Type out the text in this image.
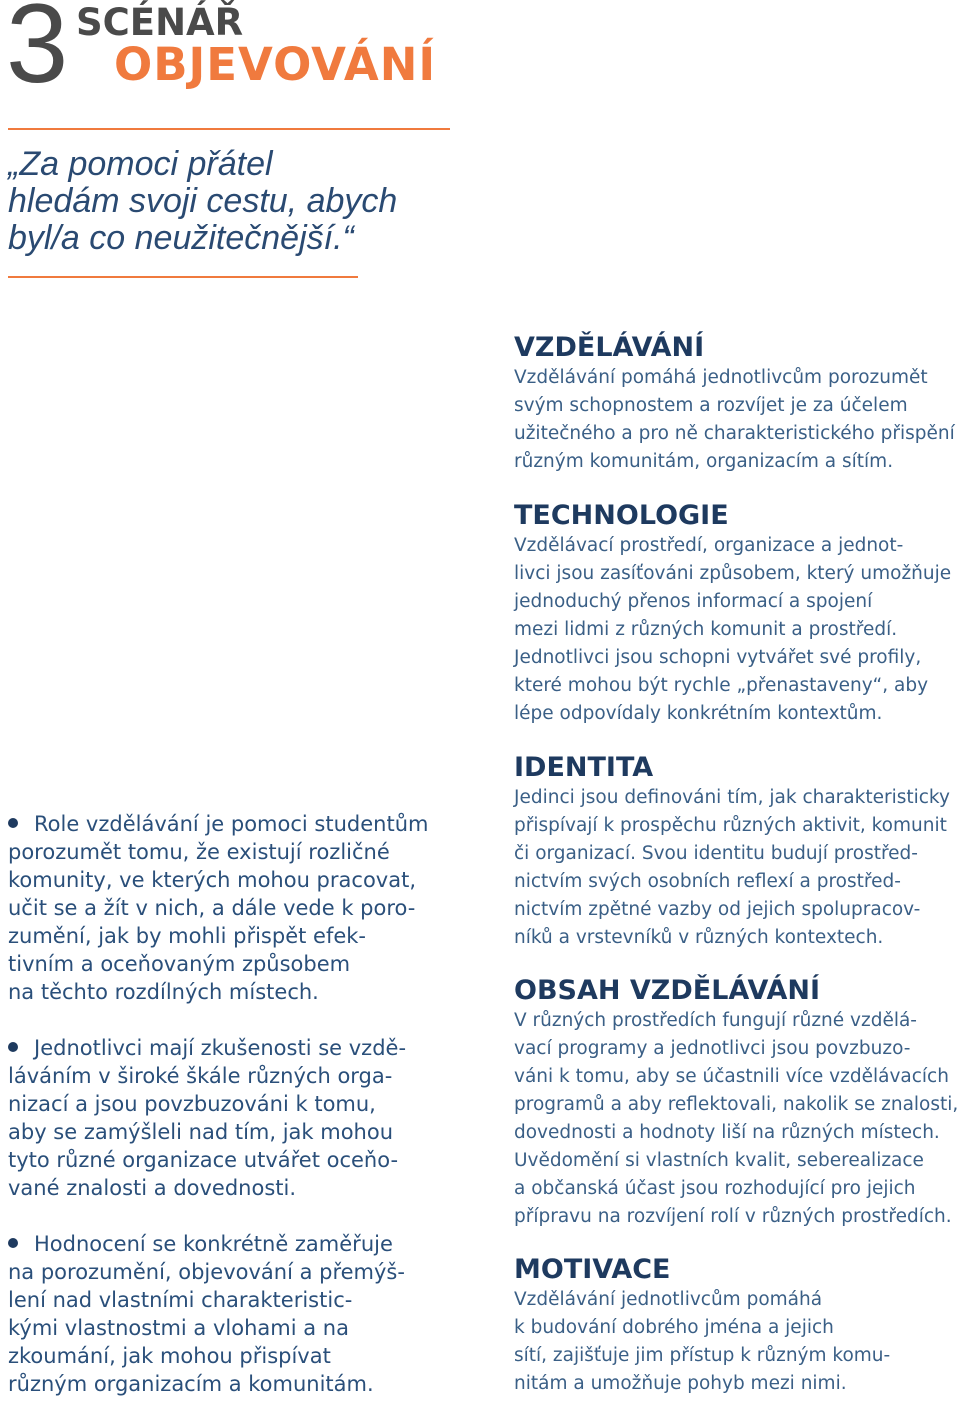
3 SCÉNÁŘ
OBJEVOVÁNÍ
„Za pomoci přátel
hledám svoji cestu, abych
byl/a co neužitečnější.“
Role vzdělávání je pomoci studentům
porozumět tomu, že existují rozličné
komunity, ve kterých mohou pracovat,
učit se a žít v nich, a dále vede k poro-
zumění, jak by mohli přispět efek-
tivním a oceňovaným způsobem
na těchto rozdílných místech.
Jednotlivci mají zkušenosti se vzdě-
láváním v široké škále různých orga-
nizací a jsou povzbuzováni k tomu,
aby se zamýšleli nad tím, jak mohou
tyto různé organizace utvářet oceňo-
vané znalosti a dovednosti.
Hodnocení se konkrétně zaměřuje
na porozumění, objevování a přemýš-
lení nad vlastními charakteristic-
kými vlastnostmi a vlohami a na
zkoumání, jak mohou přispívat
různým organizacím a komunitám.
VZDĚLÁVÁNÍ
Vzdělávání pomáhá jednotlivcům porozumět
svým schopnostem a rozvíjet je za účelem
užitečného a pro ně charakteristického přispění
různým komunitám, organizacím a sítím.
TECHNOLOGIE
Vzdělávací prostředí, organizace a jednot-
livci jsou zasíťováni způsobem, který umožňuje
jednoduchý přenos informací a spojení
mezi lidmi z různých komunit a prostředí.
Jednotlivci jsou schopni vytvářet své profily,
které mohou být rychle „přenastaveny“, aby
lépe odpovídaly konkrétním kontextům.
IDENTITA
Jedinci jsou definováni tím, jak charakteristicky
přispívají k prospěchu různých aktivit, komunit
či organizací. Svou identitu budují prostřed-
nictvím svých osobních reflexí a prostřed-
nictvím zpětné vazby od jejich spolupracov-
níků a vrstevníků v různých kontextech.
OBSAH VZDĚLÁVÁNÍ
V různých prostředích fungují různé vzdělá-
vací programy a jednotlivci jsou povzbuzo-
váni k tomu, aby se účastnili více vzdělávacích
programů a aby reflektovali, nakolik se znalosti,
dovednosti a hodnoty liší na různých místech.
Uvědomění si vlastních kvalit, seberealizace
a občanská účast jsou rozhodující pro jejich
přípravu na rozvíjení rolí v různých prostředích.
MOTIVACE
Vzdělávání jednotlivcům pomáhá
k budování dobrého jména a jejich
sítí, zajišťuje jim přístup k různým komu-
nitám a umožňuje pohyb mezi nimi.
